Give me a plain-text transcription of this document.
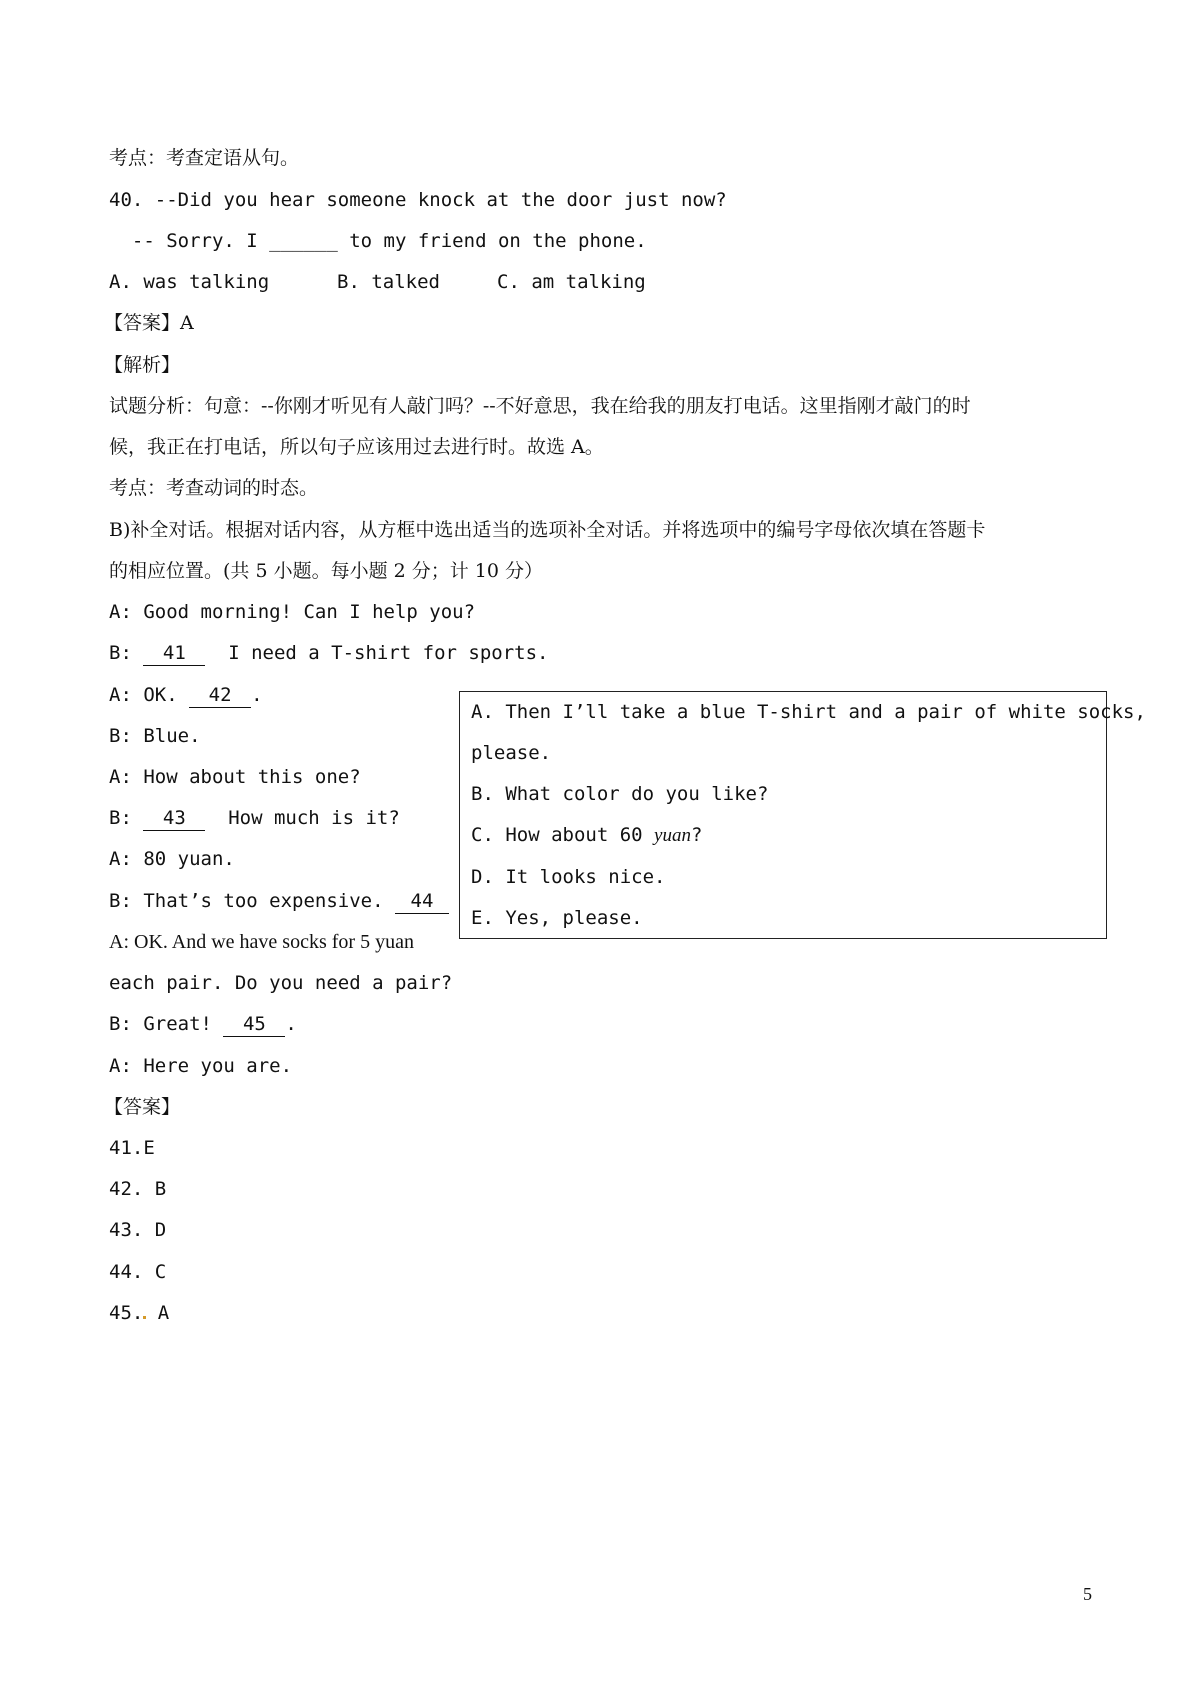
考点：考查定语从句。
40. --Did you hear someone knock at the door just now?
-- Sorry. I ______ to my friend on the phone.
A. was talking	B. talked	C. am talking
【答案】A
【解析】
试题分析：句意：--你刚才听见有人敲门吗？--不好意思，我在给我的朋友打电话。这里指刚才敲门的时
候，我正在打电话，所以句子应该用过去进行时。故选 A。
考点：考查动词的时态。
B)补全对话。根据对话内容，从方框中选出适当的选项补全对话。并将选项中的编号字母依次填在答题卡
的相应位置。(共 5 小题。每小题 2 分；计 10 分）
A: Good morning! Can I help you?
B: 41  I need a T-shirt for sports.
A: OK. 42 .
B: Blue.
A: How about this one?
B: 43  How much is it?
A: 80 yuan.
B: That’s too expensive. 44
A: OK. And we have socks for 5 yuan
each pair. Do you need a pair?
B: Great! 45 .
A: Here you are.
A. Then I’ll take a blue T-shirt and a pair of white socks,
please.
B. What color do you like?
C. How about 60 yuan?
D. It looks nice.
E. Yes, please.
【答案】
41.E
42. B
43. D
44. C
45. A
5
